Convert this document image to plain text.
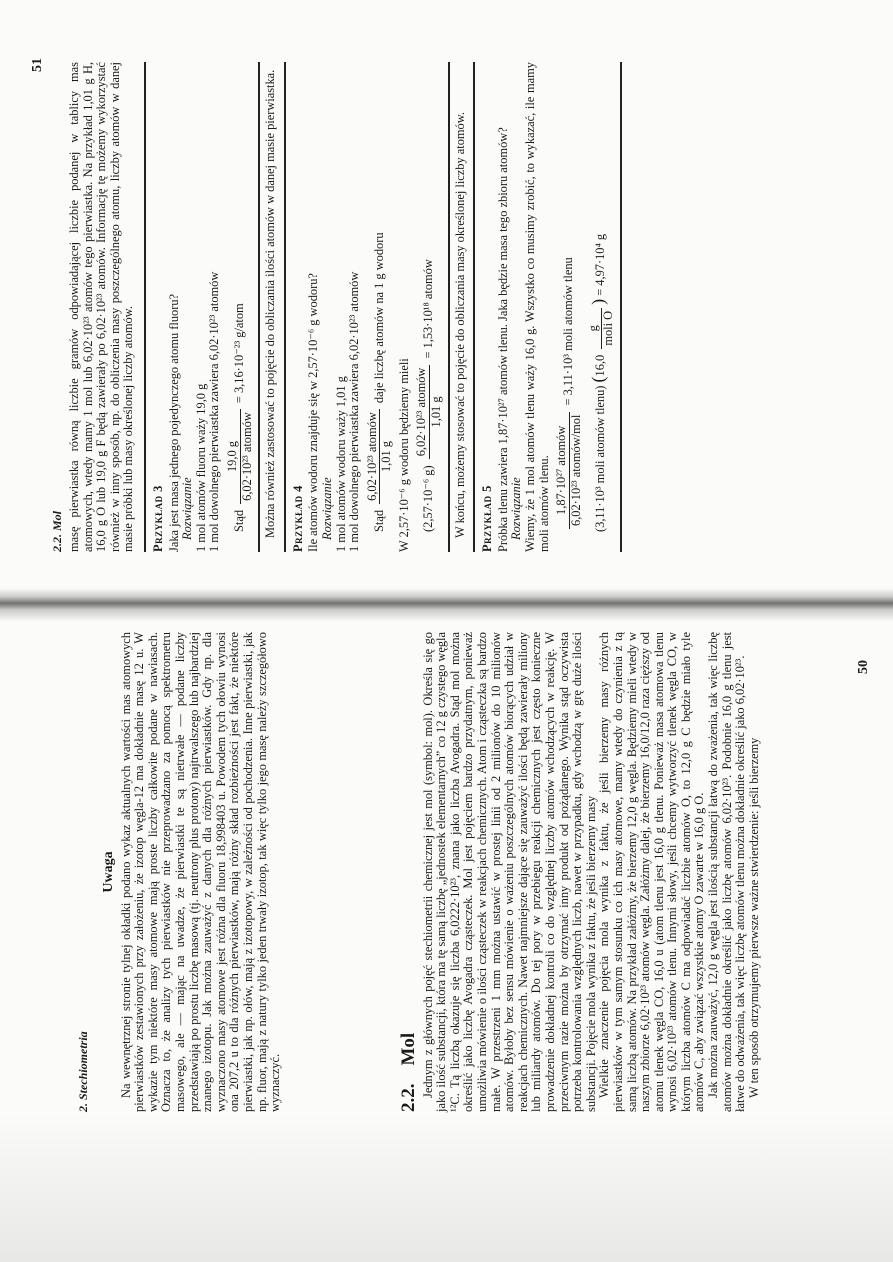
2. Stechiometria
50
Uwaga Na wewnętrznej stronie tylnej okładki podano wykaz aktualnych wartości mas atomowych pierwiastków zestawionych przy założeniu, że izotop węgla-12 ma dokładnie masę 12 u. W wykazie tym niektóre masy atomowe mają proste liczby całkowite podane w nawiasach. Oznacza to, że analizy tych pierwiastków nie przeprowadzano za pomocą spektrometru masowego, ale — mając na uwadze, że pierwiastki te są nietrwałe — podane liczby przedstawiają po prostu liczbę masową (tj. neutrony plus protony) najtrwalszego lub najbardziej znanego izotopu. Jak można zauważyć z danych dla różnych pierwiastków. Gdy np. dla wyznaczono masy atomowe jest różna dla fluoru 18,998403 u. Powodem tych ołowiu wynosi ona 207,2 u to dla różnych pierwiastków, mają różny skład rozbieżności jest fakt, że niektóre pierwiastki, jak np. ołów, mają z izotopowy, w zależności od pochodzenia. Inne pierwiastki, jak np. fluor, mają z natury tylko jeden trwały izotop, tak więc tylko jego masę należy szczegółowo wyznaczyć.	2.2.Mol Jednym z głównych pojęć stechiometrii chemicznej jest mol (symbol: mol). Określa się go jako ilość substancji, która ma tę samą liczbę „jednostek elementarnych” co 12 g czystego węgla ¹²C. Tą liczbą okazuje się liczba 6,0222·10²³, znana jako liczba Avogadra. Stąd mol można określić jako liczbę Avogadra cząsteczek. Mol jest pojęciem bardzo przydatnym, ponieważ umożliwia mówienie o ilości cząsteczek w reakcjach chemicznych. Atom i cząsteczka są bardzo małe. W przestrzeni 1 mm można ustawić w prostej linii od 2 milionów do 10 milionów atomów. Byłoby bez sensu mówienie o ważeniu poszczególnych atomów biorących udział w reakcjach chemicznych. Nawet najmniejsze dające się zauważyć ilości będą zawierały miliony lub miliardy atomów. Do tej pory w przebiegu reakcji chemicznych jest często konieczne prowadzenie dokładnej kontroli co do względnej liczby atomów wchodzących w reakcję. W przeciwnym razie można by otrzymać inny produkt od pożądanego. Wynika stąd oczywista potrzeba kontrolowania względnych liczb, nawet w przypadku, gdy wchodzą w grę duże ilości substancji. Pojęcie mola wynika z faktu, że jeśli bierzemy masy Wielkie znaczenie pojęcia mola wynika z faktu, że jeśli bierzemy masy różnych pierwiastków w tym samym stosunku co ich masy atomowe, mamy wtedy do czynienia z tą samą liczbą atomów. Na przykład załóżmy, że bierzemy 12,0 g węgla. Będziemy mieli wtedy w naszym zbiorze 6,02·10²³ atomów węgla. Załóżmy dalej, że bierzemy 16,0/12,0 raza cięższy od atomu tlenek węgla CO, 16,0 u (atom tlenu jest 16,0 g tlenu. Ponieważ masa atomowa tlenu wynosi 6,02·10²³ atomów tlenu. Innymi słowy, jeśli chcemy wytworzyć tlenek węgla CO, w którym liczba atomów C ma odpowiadać liczbie atomów O, to 12,0 g C będzie miało tyle atomów C, aby związać wszystkie atomy O zawarte w 16,0 g O. Jak można zauważyć, 12,0 g węgla jest ilością substancji łatwą do zważenia, tak więc liczbę atomów można dokładnie określić jako liczbę atomów 6,02·10²³. Podobnie 16,0 g tlenu jest łatwe do odważenia, tak więc liczbę atomów tlenu można dokładnie określić jako 6,02·10²³. W ten sposób otrzymujemy pierwsze ważne stwierdzenie: jeśli bierzemy

2.2. Mol
51 masę pierwiastka równą liczbie gramów odpowiadającej liczbie podanej w tablicy mas atomowych, wtedy mamy 1 mol lub 6,02·10²³ atomów tego pierwiastka. Na przykład 1,01 g H, 16,0 g O lub 19,0 g F będą zawierały po 6,02·10²³ atomów. Informację tę możemy wykorzystać również w inny sposób, np. do obliczenia masy poszczególnego atomu, liczby atomów w danej masie próbki lub masy określonej liczby atomów. Przykład 3 Jaka jest masa jednego pojedynczego atomu fluoru? Rozwiązanie 1 mol atomów fluoru waży 19,0 g 1 mol dowolnego pierwiastka zawiera 6,02·10²³ atomów Stąd
19,0 g 6,02·10²³ atomów
= 3,16·10⁻²³ g/atom	Można również zastosować to pojęcie do obliczania ilości atomów w danej masie pierwiastka. Przykład 4 Ile atomów wodoru znajduje się w 2,57·10⁻⁶ g wodoru? Rozwiązanie 1 mol atomów wodoru waży 1,01 g 1 mol dowolnego pierwiastka zawiera 6,02·10²³ atomów Stąd
6,02·10²³ atomów 1,01 g
daje liczbę atomów na 1 g wodoru

W 2,57·10⁻⁶ g wodoru będziemy mieli (2,57·10⁻⁶ g)
6,02·10²³ atomów 1,01 g
= 1,53·10¹⁸ atomów	W końcu, możemy stosować to pojęcie do obliczania masy określonej liczby atomów. Przykład 5 Próbka tlenu zawiera 1,87·10²⁷ atomów tlenu. Jaka będzie masa tego zbioru atomów? Rozwiązanie Wiemy, że 1 mol atomów tlenu waży 16,0 g. Wszystko co musimy zrobić, to wykazać, ile mamy moli atomów tlenu. 1,87·10²⁷ atomów 6,02·10²³ atomów/mol
= 3,11·10³ moli atomów tlenu
(3,11·10³ moli atomów tlenu) (16,0
g moli O
) = 4,97·10⁴ g
